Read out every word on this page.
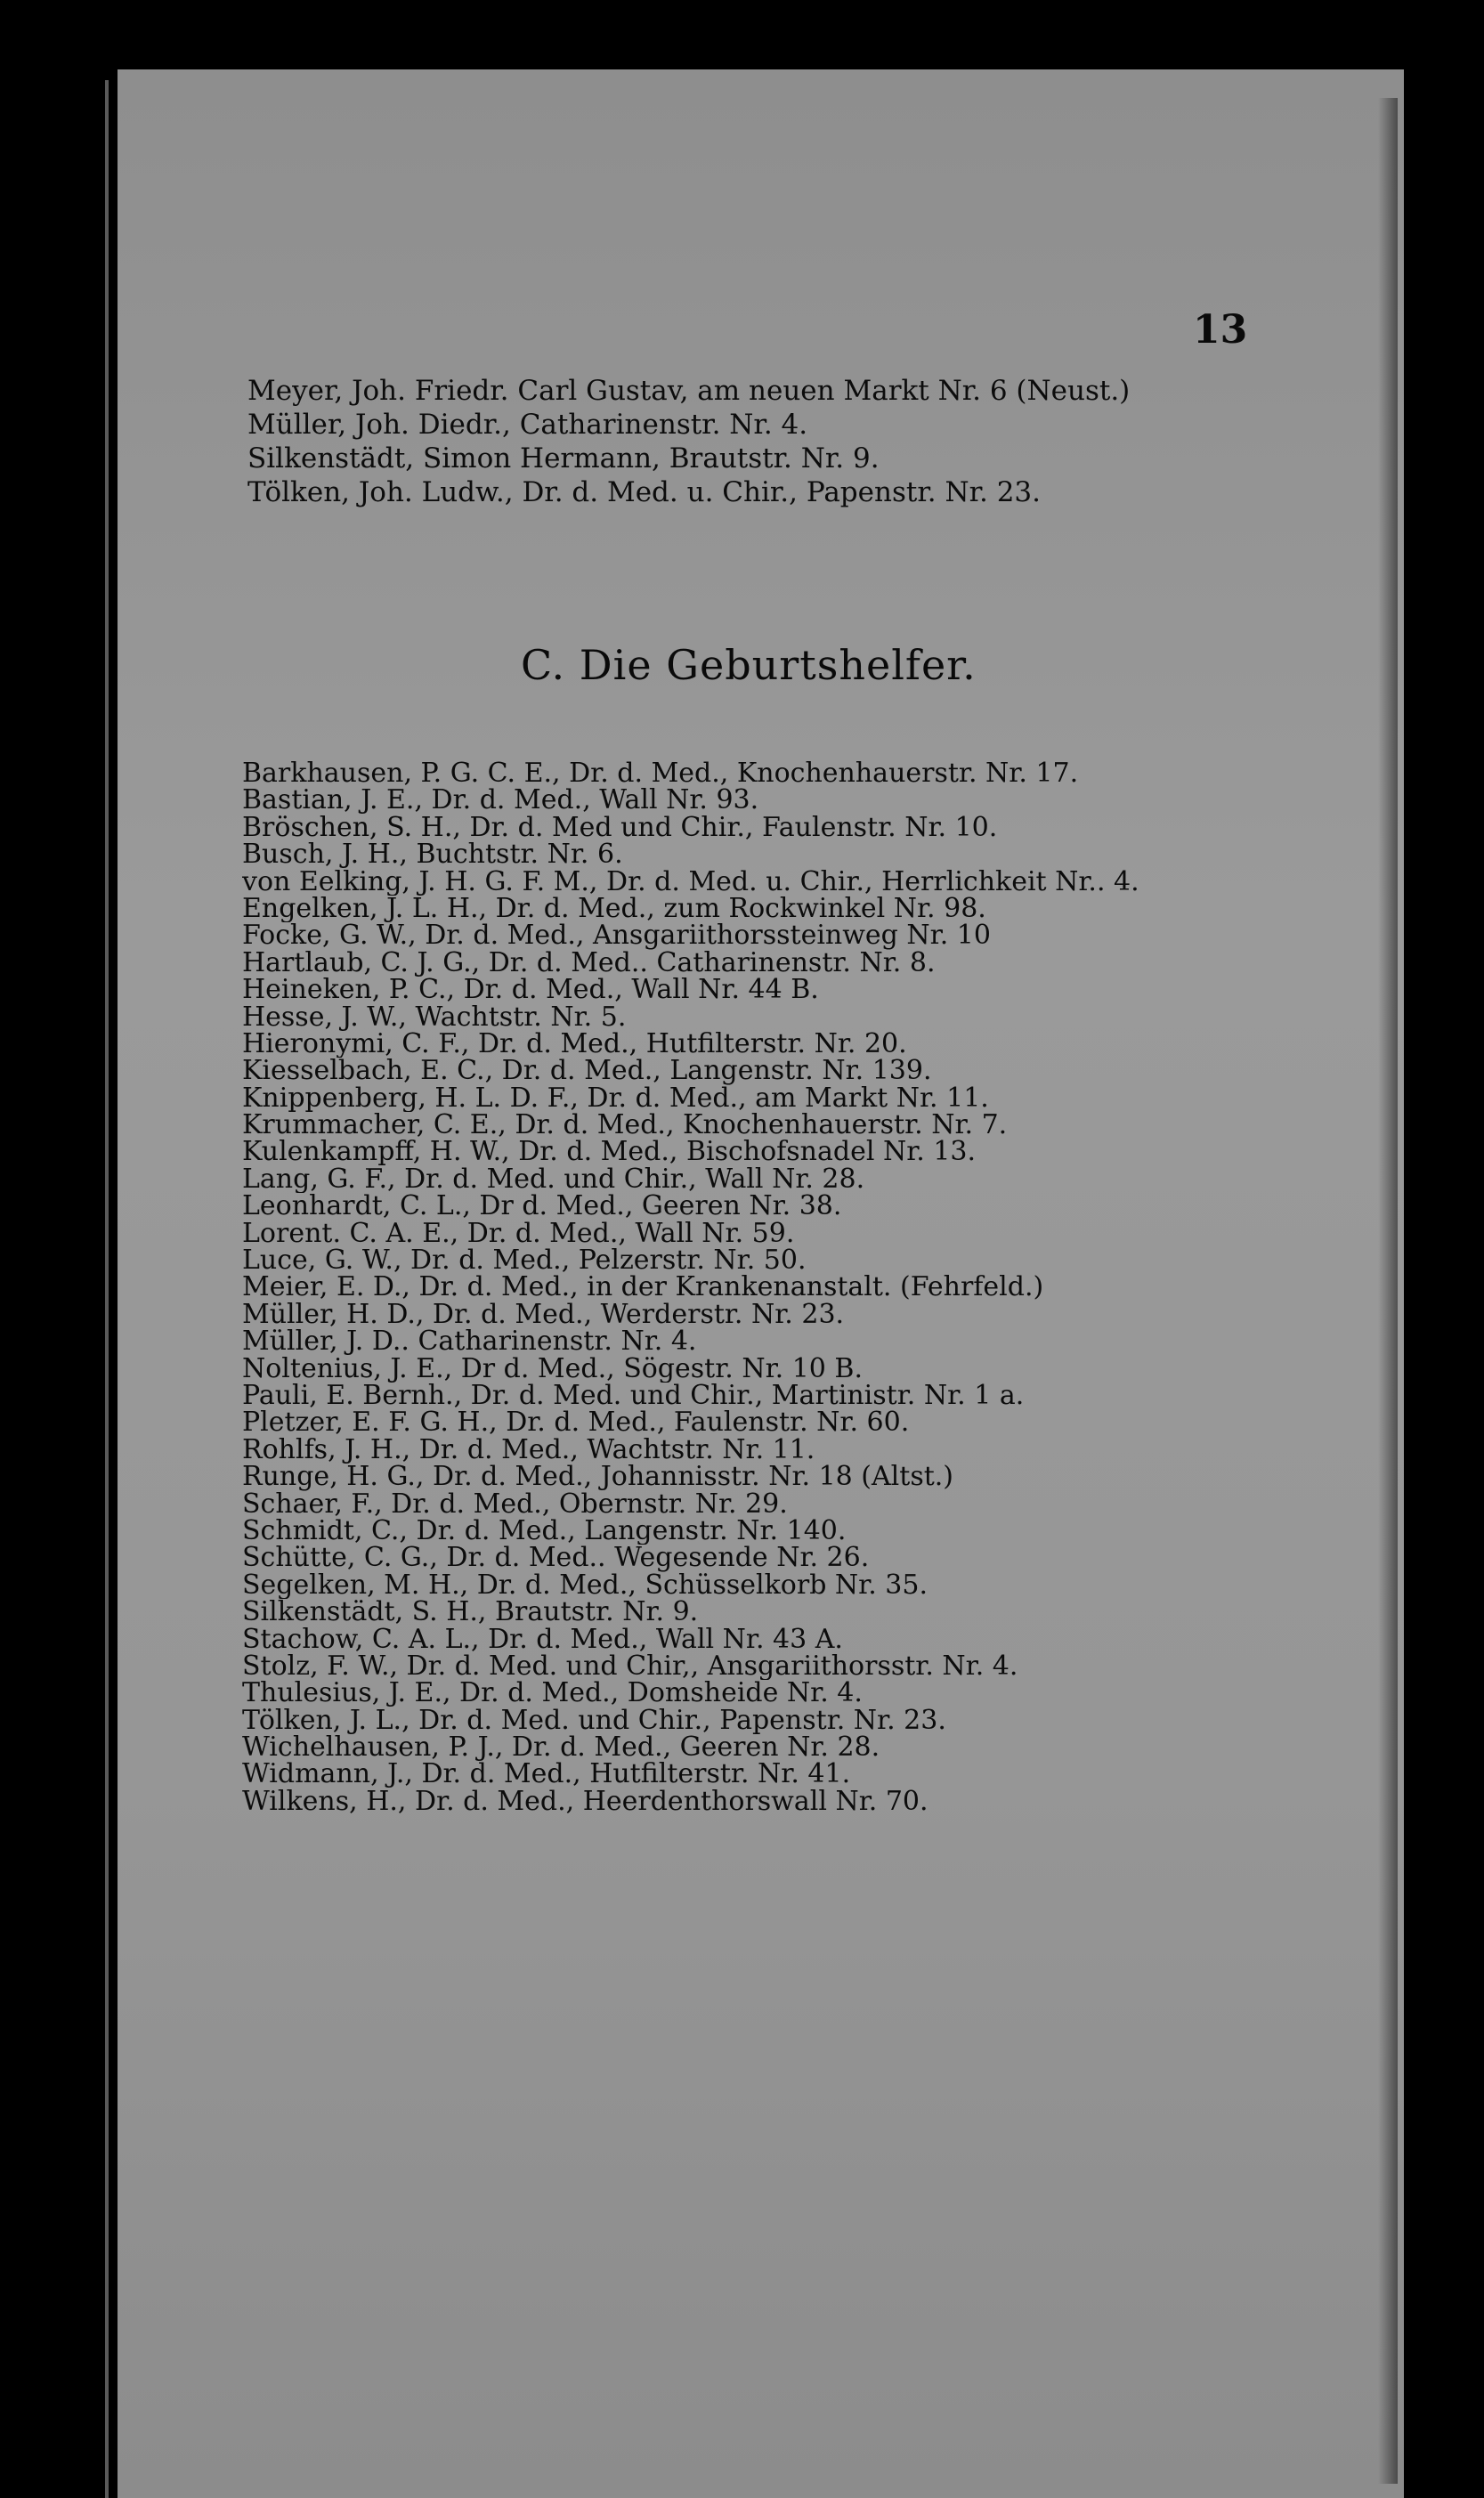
13
Meyer, Joh. Friedr. Carl Gustav, am neuen Markt Nr. 6 (Neust.)
Müller, Joh. Diedr., Catharinenstr. Nr. 4.
Silkenstädt, Simon Hermann, Brautstr. Nr. 9.
Tölken, Joh. Ludw., Dr. d. Med. u. Chir., Papenstr. Nr. 23.
C. Die Geburtshelfer.
Barkhausen, P. G. C. E., Dr. d. Med., Knochenhauerstr. Nr. 17.
Bastian, J. E., Dr. d. Med., Wall Nr. 93.
Bröschen, S. H., Dr. d. Med und Chir., Faulenstr. Nr. 10.
Busch, J. H., Buchtstr. Nr. 6.
von Eelking, J. H. G. F. M., Dr. d. Med. u. Chir., Herrlichkeit Nr.. 4.
Engelken, J. L. H., Dr. d. Med., zum Rockwinkel Nr. 98.
Focke, G. W., Dr. d. Med., Ansgariithorssteinweg Nr. 10
Hartlaub, C. J. G., Dr. d. Med.. Catharinenstr. Nr. 8.
Heineken, P. C., Dr. d. Med., Wall Nr. 44 B.
Hesse, J. W., Wachtstr. Nr. 5.
Hieronymi, C. F., Dr. d. Med., Hutfilterstr. Nr. 20.
Kiesselbach, E. C., Dr. d. Med., Langenstr. Nr. 139.
Knippenberg, H. L. D. F., Dr. d. Med., am Markt Nr. 11.
Krummacher, C. E., Dr. d. Med., Knochenhauerstr. Nr. 7.
Kulenkampff, H. W., Dr. d. Med., Bischofsnadel Nr. 13.
Lang, G. F., Dr. d. Med. und Chir., Wall Nr. 28.
Leonhardt, C. L., Dr d. Med., Geeren Nr. 38.
Lorent. C. A. E., Dr. d. Med., Wall Nr. 59.
Luce, G. W., Dr. d. Med., Pelzerstr. Nr. 50.
Meier, E. D., Dr. d. Med., in der Krankenanstalt. (Fehrfeld.)
Müller, H. D., Dr. d. Med., Werderstr. Nr. 23.
Müller, J. D.. Catharinenstr. Nr. 4.
Noltenius, J. E., Dr d. Med., Sögestr. Nr. 10 B.
Pauli, E. Bernh., Dr. d. Med. und Chir., Martinistr. Nr. 1 a.
Pletzer, E. F. G. H., Dr. d. Med., Faulenstr. Nr. 60.
Rohlfs, J. H., Dr. d. Med., Wachtstr. Nr. 11.
Runge, H. G., Dr. d. Med., Johannisstr. Nr. 18 (Altst.)
Schaer, F., Dr. d. Med., Obernstr. Nr. 29.
Schmidt, C., Dr. d. Med., Langenstr. Nr. 140.
Schütte, C. G., Dr. d. Med.. Wegesende Nr. 26.
Segelken, M. H., Dr. d. Med., Schüsselkorb Nr. 35.
Silkenstädt, S. H., Brautstr. Nr. 9.
Stachow, C. A. L., Dr. d. Med., Wall Nr. 43 A.
Stolz, F. W., Dr. d. Med. und Chir,, Ansgariithorsstr. Nr. 4.
Thulesius, J. E., Dr. d. Med., Domsheide Nr. 4.
Tölken, J. L., Dr. d. Med. und Chir., Papenstr. Nr. 23.
Wichelhausen, P. J., Dr. d. Med., Geeren Nr. 28.
Widmann, J., Dr. d. Med., Hutfilterstr. Nr. 41.
Wilkens, H., Dr. d. Med., Heerdenthorswall Nr. 70.
